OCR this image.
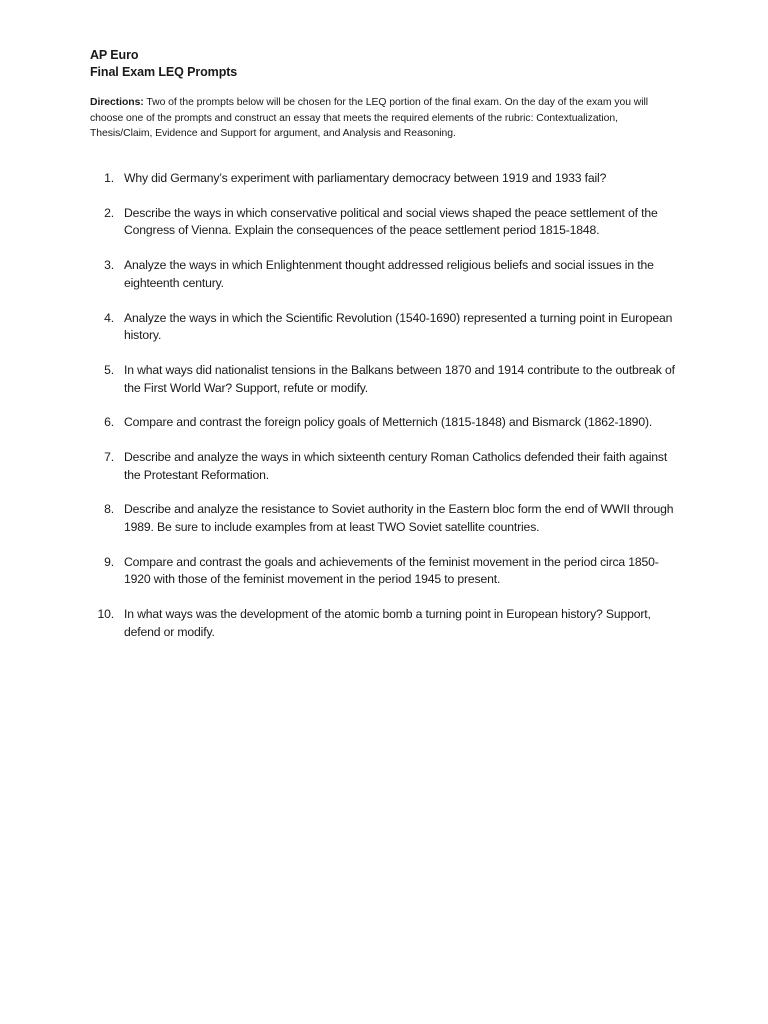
AP Euro
Final Exam LEQ Prompts
Directions: Two of the prompts below will be chosen for the LEQ portion of the final exam. On the day of the exam you will choose one of the prompts and construct an essay that meets the required elements of the rubric: Contextualization, Thesis/Claim, Evidence and Support for argument, and Analysis and Reasoning.
1. Why did Germany’s experiment with parliamentary democracy between 1919 and 1933 fail?
2. Describe the ways in which conservative political and social views shaped the peace settlement of the Congress of Vienna. Explain the consequences of the peace settlement period 1815-1848.
3. Analyze the ways in which Enlightenment thought addressed religious beliefs and social issues in the eighteenth century.
4. Analyze the ways in which the Scientific Revolution (1540-1690) represented a turning point in European history.
5. In what ways did nationalist tensions in the Balkans between 1870 and 1914 contribute to the outbreak of the First World War? Support, refute or modify.
6. Compare and contrast the foreign policy goals of Metternich (1815-1848) and Bismarck (1862-1890).
7. Describe and analyze the ways in which sixteenth century Roman Catholics defended their faith against the Protestant Reformation.
8. Describe and analyze the resistance to Soviet authority in the Eastern bloc form the end of WWII through 1989. Be sure to include examples from at least TWO Soviet satellite countries.
9. Compare and contrast the goals and achievements of the feminist movement in the period circa 1850-1920 with those of the feminist movement in the period 1945 to present.
10. In what ways was the development of the atomic bomb a turning point in European history? Support, defend or modify.
